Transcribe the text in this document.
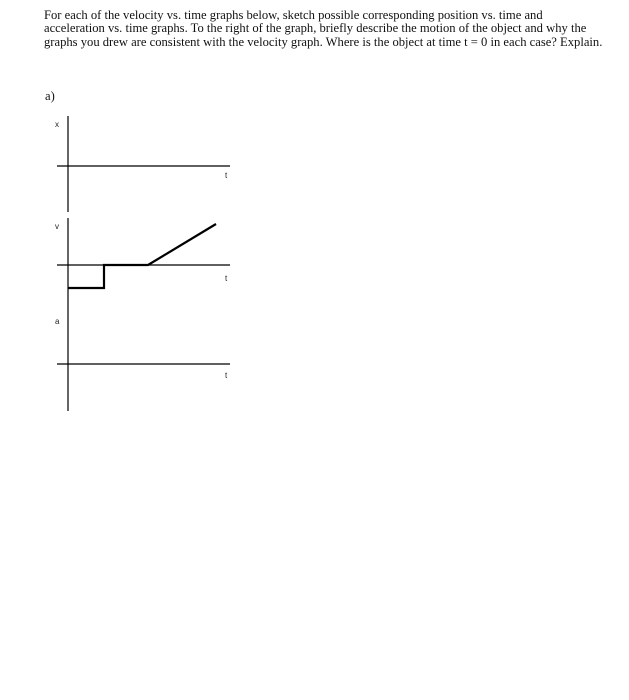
For each of the velocity vs. time graphs below, sketch possible corresponding position vs. time and acceleration vs. time graphs. To the right of the graph, briefly describe the motion of the object and why the graphs you drew are consistent with the velocity graph. Where is the object at time t = 0 in each case? Explain.
a)
x
t
v
t
a
t
